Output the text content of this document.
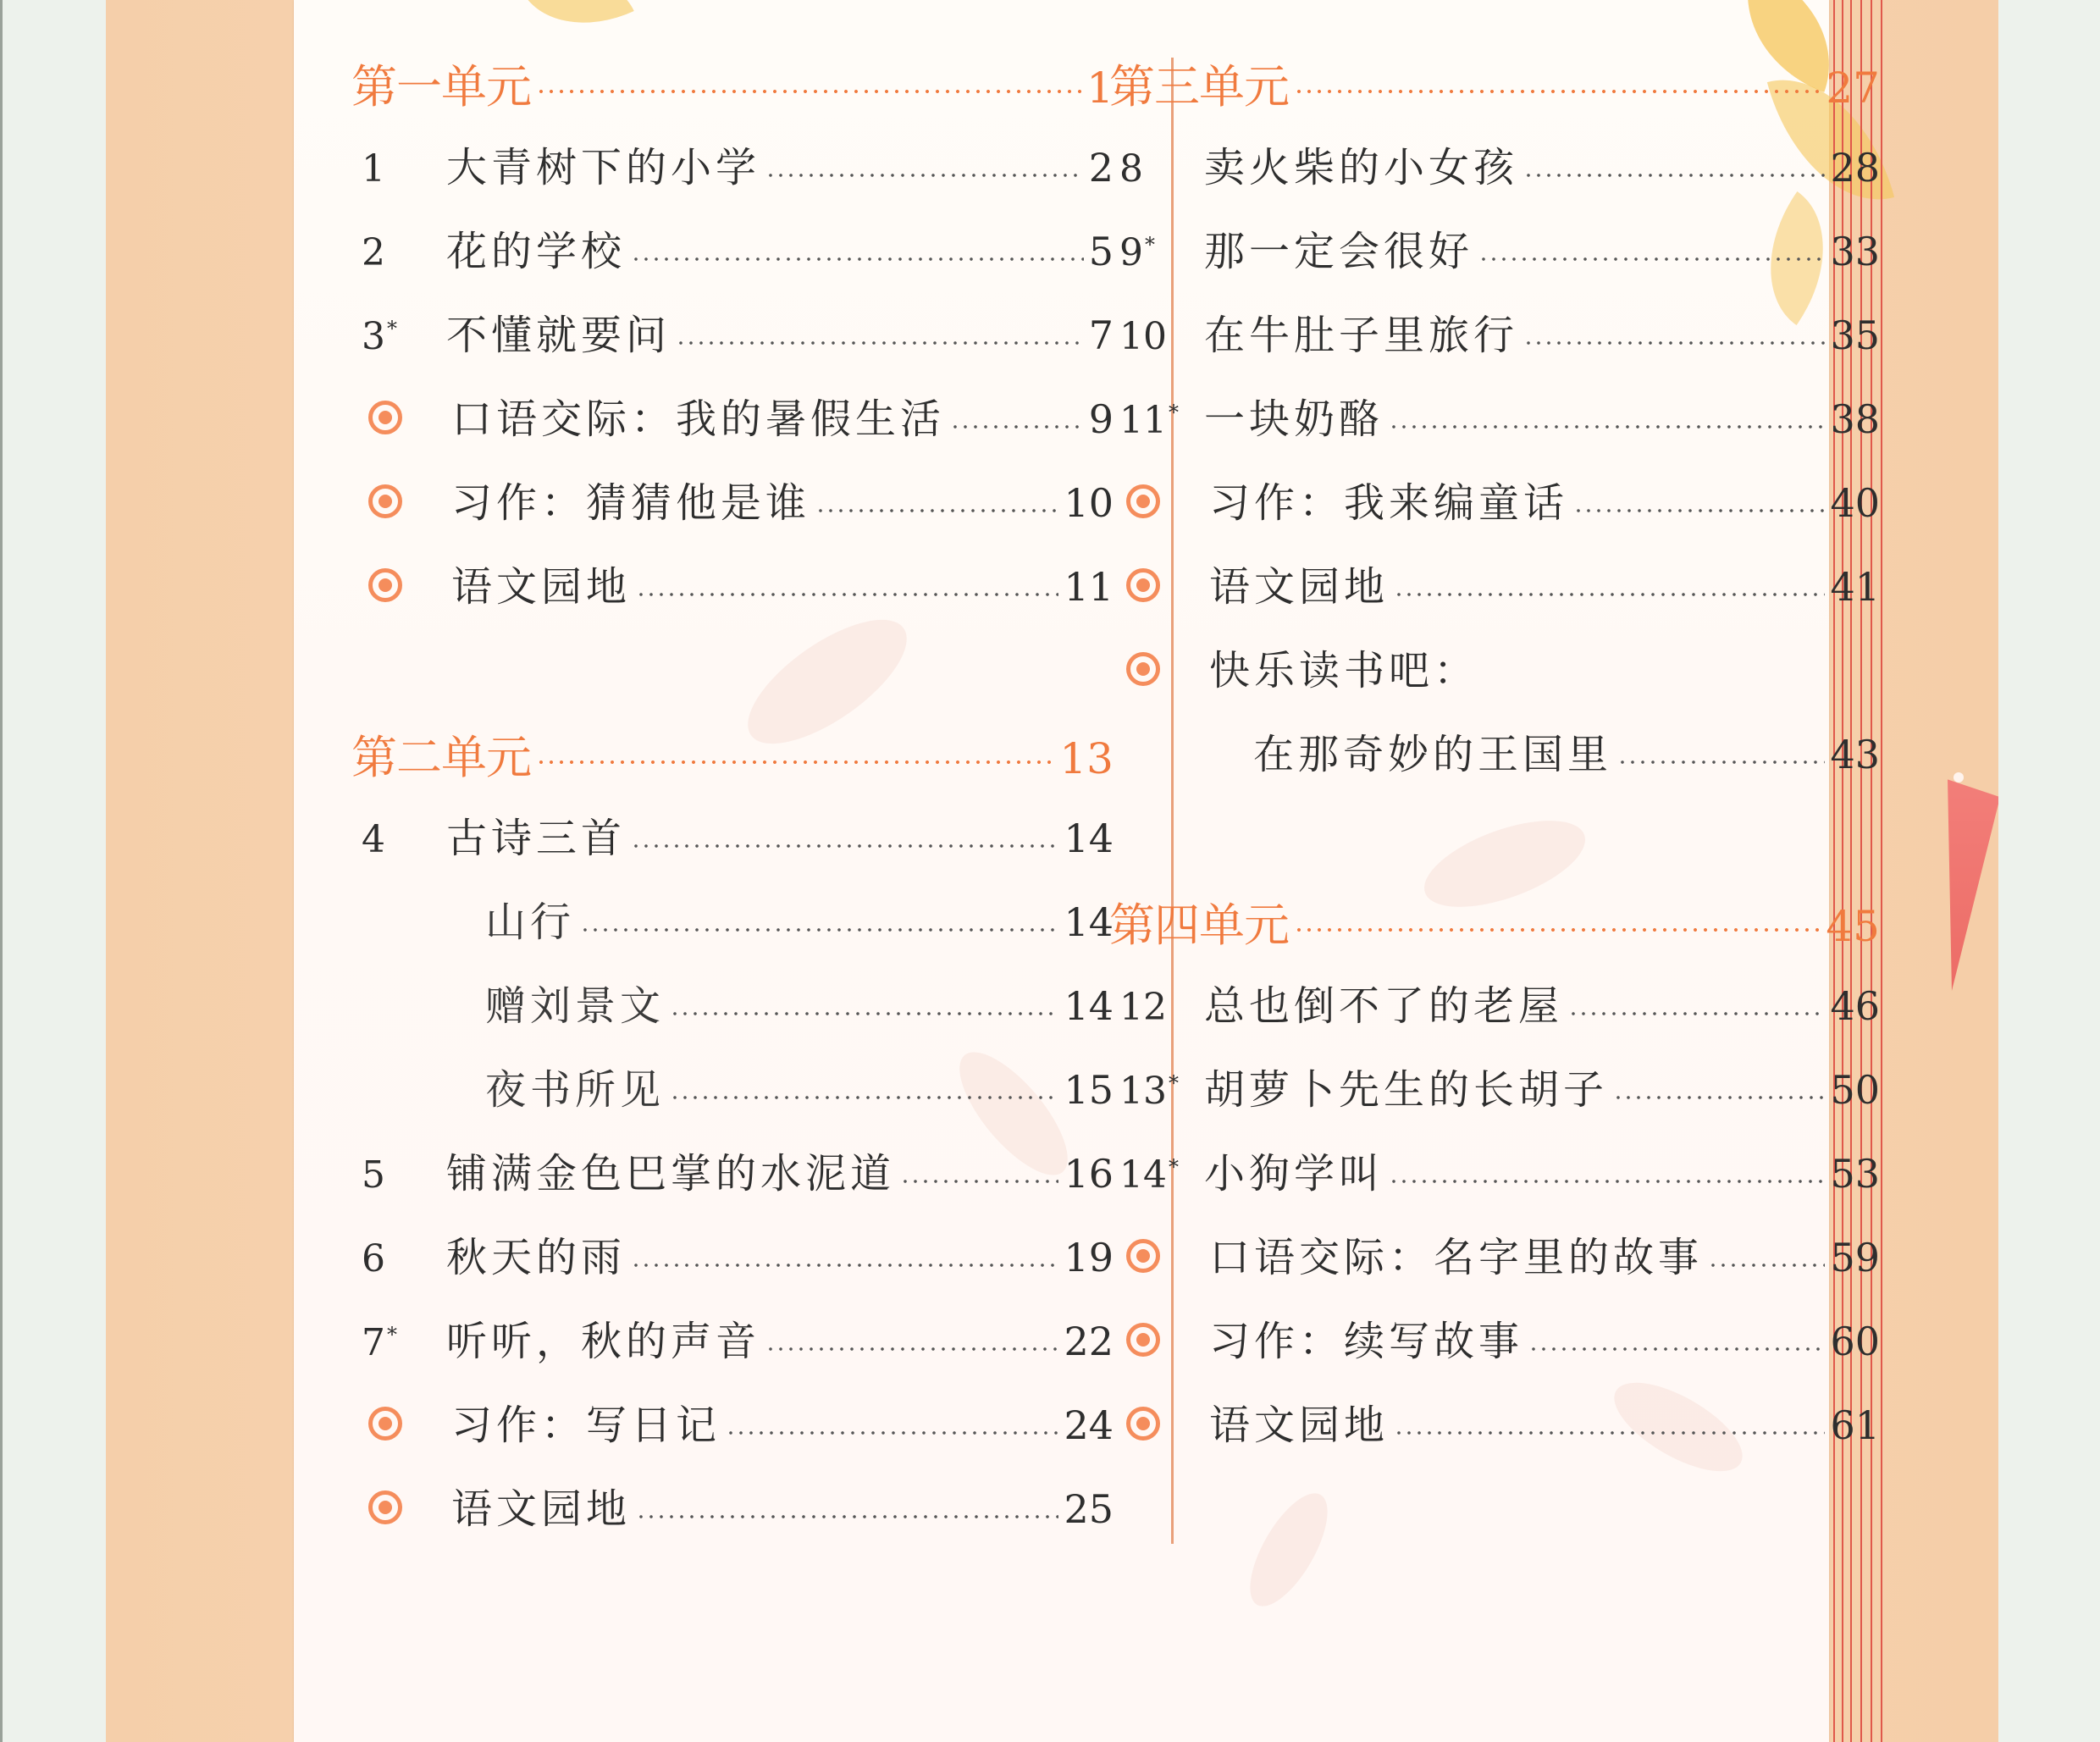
第一单元	1
1	大青树下的小学	2
2	花的学校	5
3*	不懂就要问	7
口语交际：我的暑假生活	9
习作：猜猜他是谁	10
语文园地	11
第二单元	13
4	古诗三首	14
山行	14
赠刘景文	14
夜书所见	15
5	铺满金色巴掌的水泥道	16
6	秋天的雨	19
7*	听听，秋的声音	22
习作：写日记	24
语文园地	25
第三单元	27
8	卖火柴的小女孩	28
9*	那一定会很好	33
10 在牛肚子里旅行	35
11* 一块奶酪	38
习作：我来编童话	40
语文园地	41
快乐读书吧：
在那奇妙的王国里	43
第四单元	45
12 总也倒不了的老屋	46
13* 胡萝卜先生的长胡子	50
14* 小狗学叫	53
口语交际：名字里的故事	59
习作：续写故事	60
语文园地	61
